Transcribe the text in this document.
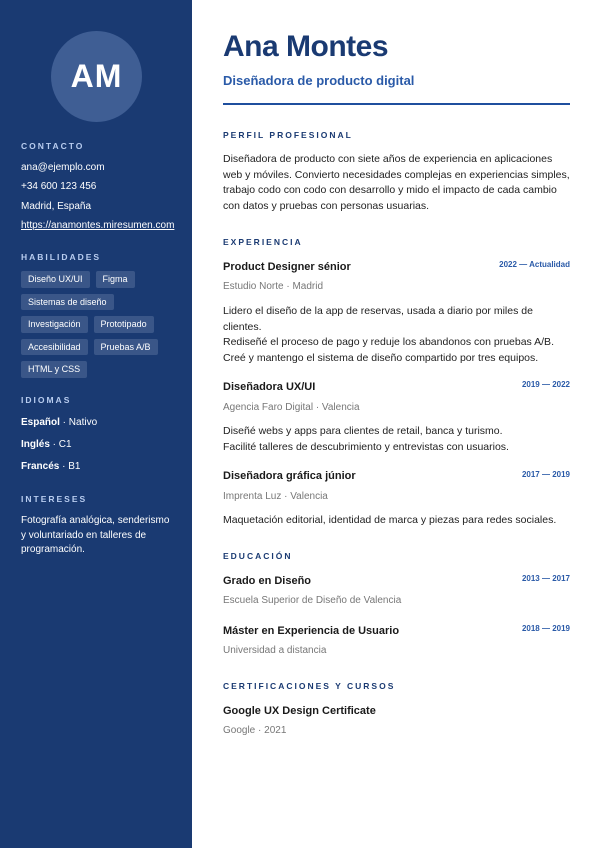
AM
CONTACTO
ana@ejemplo.com
+34 600 123 456
Madrid, España
https://anamontes.miresumen.com
HABILIDADES
Diseño UX/UI	Figma
Sistemas de diseño
Investigación	Prototipado
Accesibilidad	Pruebas A/B
HTML y CSS
IDIOMAS
Español · Nativo
Inglés · C1
Francés · B1
INTERESES
Fotografía analógica, senderismo y voluntariado en talleres de programación.
Ana Montes
Diseñadora de producto digital
PERFIL PROFESIONAL
Diseñadora de producto con siete años de experiencia en aplicaciones web y móviles. Convierto necesidades complejas en experiencias simples, trabajo codo con codo con desarrollo y mido el impacto de cada cambio con datos y pruebas con personas usuarias.
EXPERIENCIA
Product Designer sénior	2022 — Actualidad
Estudio Norte · Madrid
Lidero el diseño de la app de reservas, usada a diario por miles de clientes.
Rediseñé el proceso de pago y reduje los abandonos con pruebas A/B.
Creé y mantengo el sistema de diseño compartido por tres equipos.
Diseñadora UX/UI	2019 — 2022
Agencia Faro Digital · Valencia
Diseñé webs y apps para clientes de retail, banca y turismo.
Facilité talleres de descubrimiento y entrevistas con usuarios.
Diseñadora gráfica júnior	2017 — 2019
Imprenta Luz · Valencia
Maquetación editorial, identidad de marca y piezas para redes sociales.
EDUCACIÓN
Grado en Diseño	2013 — 2017
Escuela Superior de Diseño de Valencia
Máster en Experiencia de Usuario	2018 — 2019
Universidad a distancia
CERTIFICACIONES Y CURSOS
Google UX Design Certificate
Google · 2021
